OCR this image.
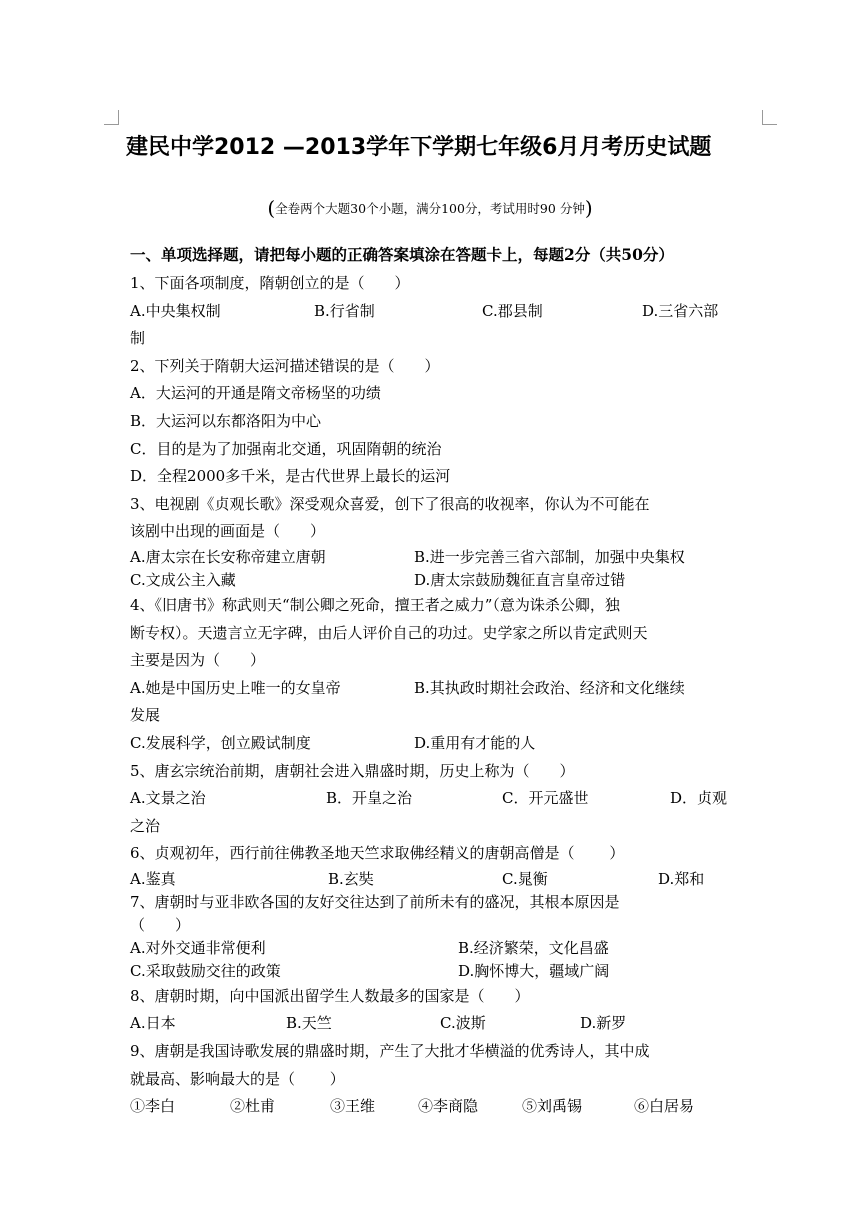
建民中学2012 —2013学年下学期七年级6月月考历史试题
(全卷两个大题30个小题，满分100分，考试用时90 分钟)
一、单项选择题，请把每小题的正确答案填涂在答题卡上，每题2分（共50分）
1、下面各项制度，隋朝创立的是（　　）
A.中央集权制	B.行省制	C.郡县制	D.三省六部
制
2、下列关于隋朝大运河描述错误的是（　　）
A．大运河的开通是隋文帝杨坚的功绩
B．大运河以东都洛阳为中心
C．目的是为了加强南北交通，巩固隋朝的统治
D．全程2000多千米，是古代世界上最长的运河
3、电视剧《贞观长歌》深受观众喜爱，创下了很高的收视率，你认为不可能在
该剧中出现的画面是（　　）
A.唐太宗在长安称帝建立唐朝	B.进一步完善三省六部制，加强中央集权
C.文成公主入藏	D.唐太宗鼓励魏征直言皇帝过错
4、《旧唐书》称武则天“制公卿之死命，擅王者之威力”（意为诛杀公卿，独
断专权）。天遗言立无字碑，由后人评价自己的功过。史学家之所以肯定武则天
主要是因为（　　）
A.她是中国历史上唯一的女皇帝	B.其执政时期社会政治、经济和文化继续
发展
C.发展科学，创立殿试制度	D.重用有才能的人
5、唐玄宗统治前期，唐朝社会进入鼎盛时期，历史上称为（　　）
A.文景之治	B．开皇之治	C．开元盛世	D．贞观
之治
6、贞观初年，西行前往佛教圣地天竺求取佛经精义的唐朝高僧是（　　 ）
A.鉴真	B.玄奘	C.晁衡	D.郑和
7、唐朝时与亚非欧各国的友好交往达到了前所未有的盛况，其根本原因是
（　　）
A.对外交通非常便利	B.经济繁荣，文化昌盛
C.采取鼓励交往的政策	D.胸怀博大，疆域广阔
8、唐朝时期，向中国派出留学生人数最多的国家是（　　）
A.日本	B.天竺	C.波斯	D.新罗
9、唐朝是我国诗歌发展的鼎盛时期，产生了大批才华横溢的优秀诗人，其中成
就最高、影响最大的是（　　 ）
①李白	②杜甫	③王维	④李商隐	⑤刘禹锡	⑥白居易
